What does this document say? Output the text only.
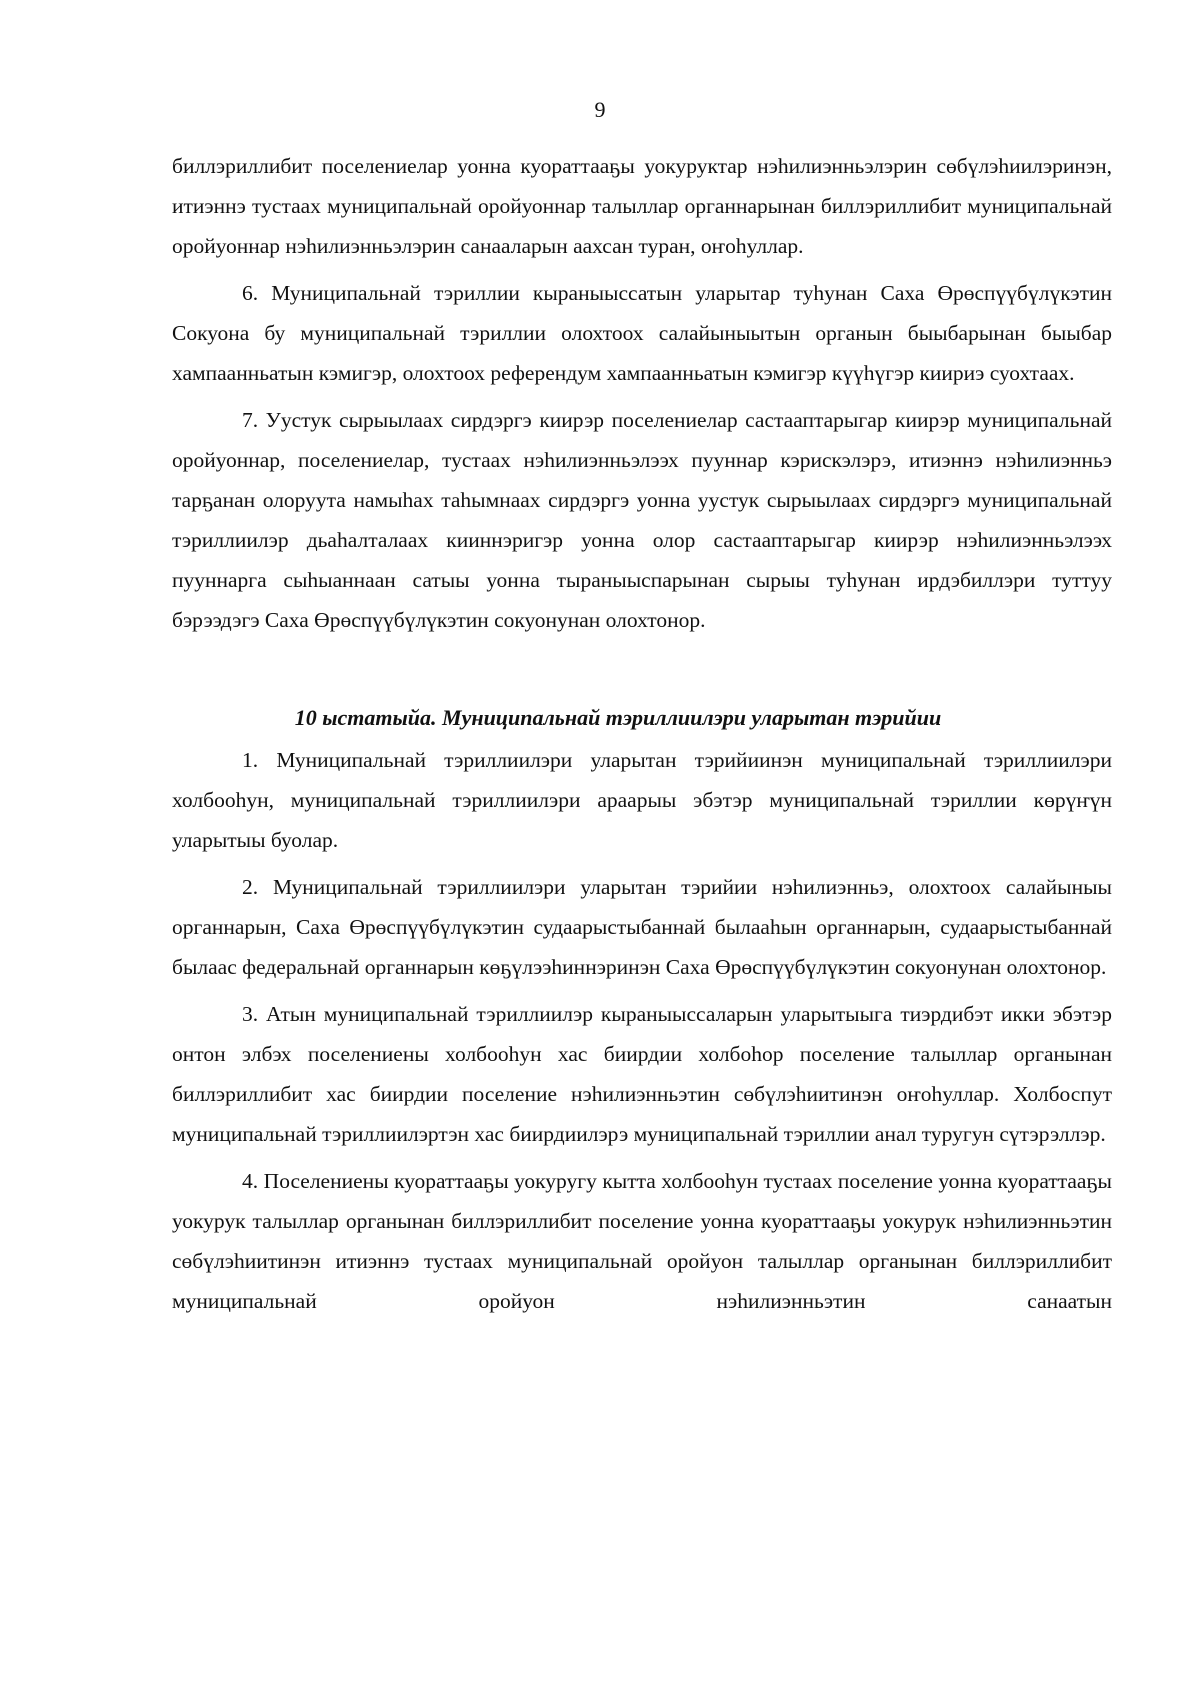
9

биллэриллибит поселениелар уонна куораттааҕы уокуруктар нэһилиэнньэлэрин сөбүлэһиилэринэн, итиэннэ тустаах муниципальнай оройуоннар талыллар органнарынан биллэриллибит муниципальнай оройуоннар нэһилиэнньэлэрин санааларын аахсан туран, оҥоһуллар.

6. Муниципальнай тэриллии кыраныыссатын уларытар туһунан Саха Өрөспүүбүлүкэтин Сокуона бу муниципальнай тэриллии олохтоох салайыныытын органын быыбарынан быыбар хампаанньатын кэмигэр, олохтоох референдум хампаанньатын кэмигэр күүһүгэр киириэ суохтаах.

7. Уустук сырыылаах сирдэргэ киирэр поселениелар састааптарыгар киирэр муниципальнай оройуоннар, поселениелар, тустаах нэһилиэнньэлээх пууннар кэрискэлэрэ, итиэннэ нэһилиэнньэ тарҕанан олоруута намыһах таһымнаах сирдэргэ уонна уустук сырыылаах сирдэргэ муниципальнай тэриллиилэр дьаһалталаах кииннэригэр уонна олор састааптарыгар киирэр нэһилиэнньэлээх пууннарга сыһыаннаан сатыы уонна тыраныыспарынан сырыы туһунан ирдэбиллэри туттуу бэрээдэгэ Саха Өрөспүүбүлүкэтин сокуонунан олохтонор.

10 ыстатыйа. Муниципальнай тэриллиилэри уларытан тэрийии

1. Муниципальнай тэриллиилэри уларытан тэрийиинэн муниципальнай тэриллиилэри холбооһун, муниципальнай тэриллиилэри араарыы эбэтэр муниципальнай тэриллии көрүҥүн уларытыы буолар.

2. Муниципальнай тэриллиилэри уларытан тэрийии нэһилиэнньэ, олохтоох салайыныы органнарын, Саха Өрөспүүбүлүкэтин судаарыстыбаннай былааһын органнарын, судаарыстыбаннай былаас федеральнай органнарын көҕүлээһиннэринэн Саха Өрөспүүбүлүкэтин сокуонунан олохтонор.

3. Атын муниципальнай тэриллиилэр кыраныыссаларын уларытыыга тиэрдибэт икки эбэтэр онтон элбэх поселениены холбооһун хас биирдии холбоһор поселение талыллар органынан биллэриллибит хас биирдии поселение нэһилиэнньэтин сөбүлэһиитинэн оҥоһуллар. Холбоспут муниципальнай тэриллиилэртэн хас биирдиилэрэ муниципальнай тэриллии анал туругун сүтэрэллэр.

4. Поселениены куораттааҕы уокуругу кытта холбооһун тустаах поселение уонна куораттааҕы уокурук талыллар органынан биллэриллибит поселение уонна куораттааҕы уокурук нэһилиэнньэтин сөбүлэһиитинэн итиэннэ тустаах муниципальнай оройуон талыллар органынан биллэриллибит муниципальнай оройуон нэһилиэнньэтин санаатын
